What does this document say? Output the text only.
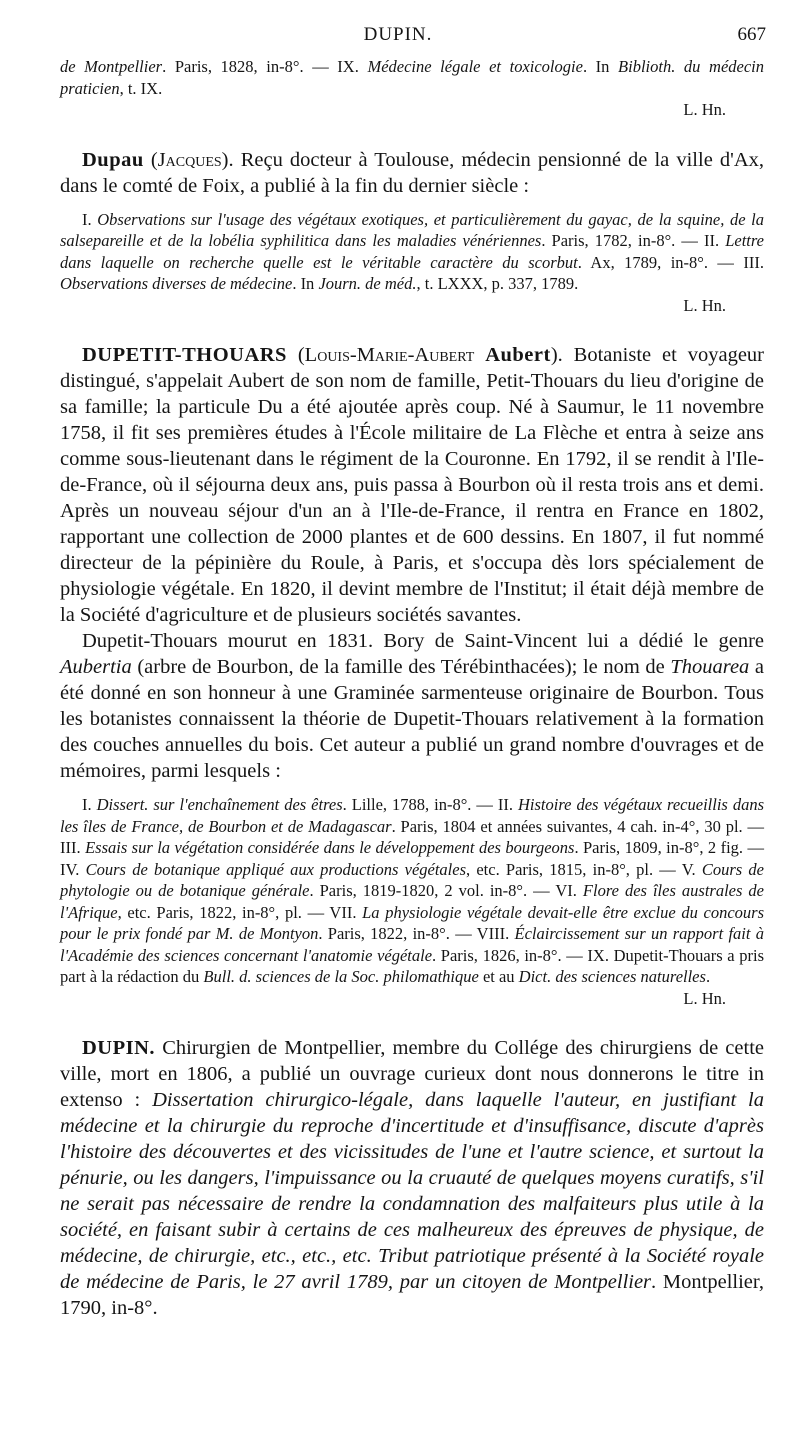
DUPIN.	667

de Montpellier. Paris, 1828, in-8°. — IX. Médecine légale et toxicologie. In Biblioth. du médecin praticien, t. IX.

L. Hn.

Dupau (Jacques). Reçu docteur à Toulouse, médecin pensionné de la ville d'Ax, dans le comté de Foix, a publié à la fin du dernier siècle :

I. Observations sur l'usage des végétaux exotiques, et particulièrement du gayac, de la squine, de la salsepareille et de la lobélia syphilitica dans les maladies vénériennes. Paris, 1782, in-8°. — II. Lettre dans laquelle on recherche quelle est le véritable caractère du scorbut. Ax, 1789, in-8°. — III. Observations diverses de médecine. In Journ. de méd., t. LXXX, p. 337, 1789.

L. Hn.

DUPETIT-THOUARS (Louis-Marie-Aubert Aubert). Botaniste et voyageur distingué, s'appelait Aubert de son nom de famille, Petit-Thouars du lieu d'origine de sa famille; la particule Du a été ajoutée après coup. Né à Saumur, le 11 novembre 1758, il fit ses premières études à l'École militaire de La Flèche et entra à seize ans comme sous-lieutenant dans le régiment de la Couronne. En 1792, il se rendit à l'Ile-de-France, où il séjourna deux ans, puis passa à Bourbon où il resta trois ans et demi. Après un nouveau séjour d'un an à l'Ile-de-France, il rentra en France en 1802, rapportant une collection de 2000 plantes et de 600 dessins. En 1807, il fut nommé directeur de la pépinière du Roule, à Paris, et s'occupa dès lors spécialement de physiologie végétale. En 1820, il devint membre de l'Institut; il était déjà membre de la Société d'agriculture et de plusieurs sociétés savantes.

Dupetit-Thouars mourut en 1831. Bory de Saint-Vincent lui a dédié le genre Aubertia (arbre de Bourbon, de la famille des Térébinthacées); le nom de Thouarea a été donné en son honneur à une Graminée sarmenteuse originaire de Bourbon. Tous les botanistes connaissent la théorie de Dupetit-Thouars relativement à la formation des couches annuelles du bois. Cet auteur a publié un grand nombre d'ouvrages et de mémoires, parmi lesquels :

I. Dissert. sur l'enchaînement des êtres. Lille, 1788, in-8°. — II. Histoire des végétaux recueillis dans les îles de France, de Bourbon et de Madagascar. Paris, 1804 et années suivantes, 4 cah. in-4°, 30 pl. — III. Essais sur la végétation considérée dans le développement des bourgeons. Paris, 1809, in-8°, 2 fig. — IV. Cours de botanique appliqué aux productions végétales, etc. Paris, 1815, in-8°, pl. — V. Cours de phytologie ou de botanique générale. Paris, 1819-1820, 2 vol. in-8°. — VI. Flore des îles australes de l'Afrique, etc. Paris, 1822, in-8°, pl. — VII. La physiologie végétale devait-elle être exclue du concours pour le prix fondé par M. de Montyon. Paris, 1822, in-8°. — VIII. Éclaircissement sur un rapport fait à l'Académie des sciences concernant l'anatomie végétale. Paris, 1826, in-8°. — IX. Dupetit-Thouars a pris part à la rédaction du Bull. d. sciences de la Soc. philomathique et au Dict. des sciences naturelles.

L. Hn.

DUPIN. Chirurgien de Montpellier, membre du Collége des chirurgiens de cette ville, mort en 1806, a publié un ouvrage curieux dont nous donnerons le titre in extenso : Dissertation chirurgico-légale, dans laquelle l'auteur, en justifiant la médecine et la chirurgie du reproche d'incertitude et d'insuffisance, discute d'après l'histoire des découvertes et des vicissitudes de l'une et l'autre science, et surtout la pénurie, ou les dangers, l'impuissance ou la cruauté de quelques moyens curatifs, s'il ne serait pas nécessaire de rendre la condamnation des malfaiteurs plus utile à la société, en faisant subir à certains de ces malheureux des épreuves de physique, de médecine, de chirurgie, etc., etc., etc. Tribut patriotique présenté à la Société royale de médecine de Paris, le 27 avril 1789, par un citoyen de Montpellier. Montpellier, 1790, in-8°.
